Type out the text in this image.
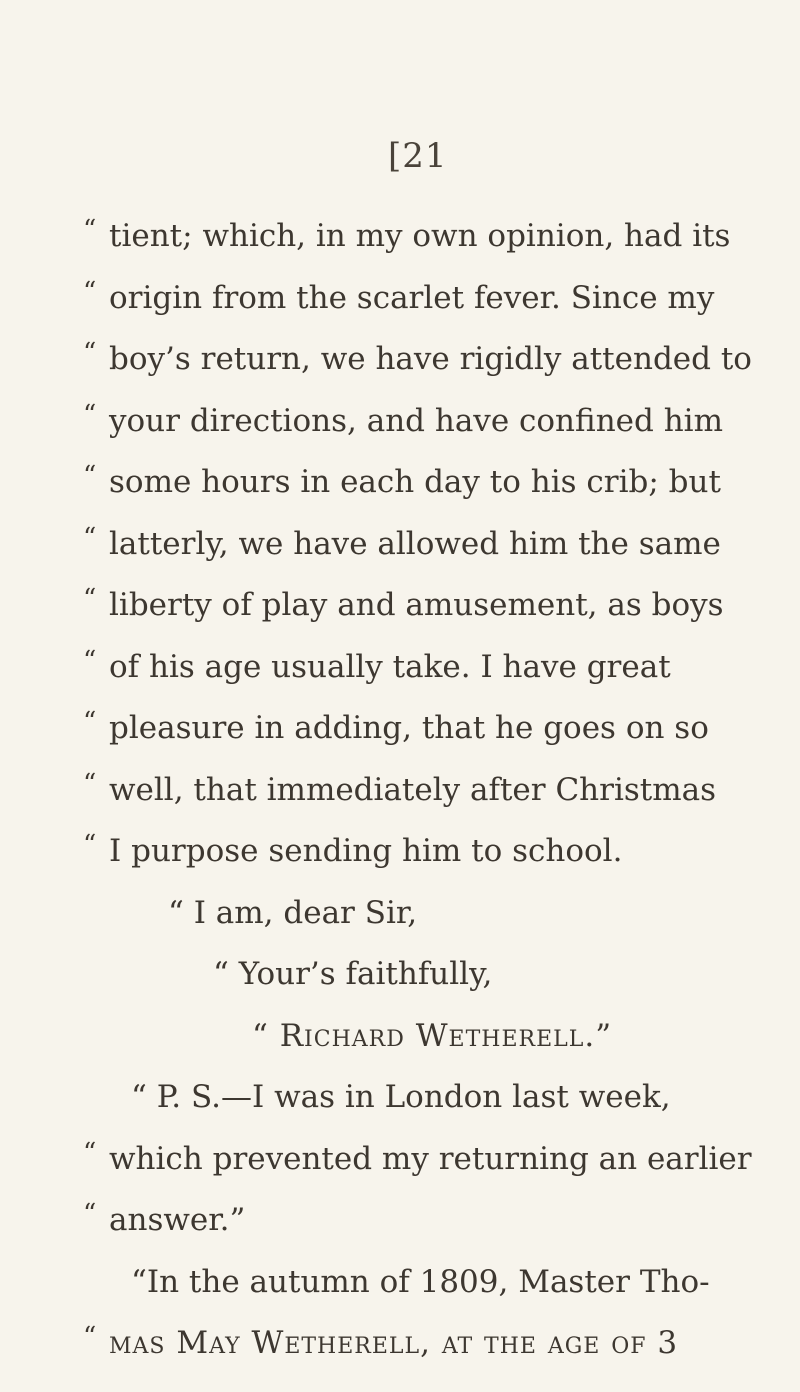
[21
“ tient; which, in my own opinion, had its
“ origin from the scarlet fever. Since my
“ boy’s return, we have rigidly attended to
“ your directions, and have confined him
“ some hours in each day to his crib; but
“ latterly, we have allowed him the same
“ liberty of play and amusement, as boys
“ of his age usually take. I have great
“ pleasure in adding, that he goes on so
“ well, that immediately after Christmas
“ I purpose sending him to school.
“ I am, dear Sir,
“ Your’s faithfully,
“ Richard Wetherell.”
“ P. S.—I was in London last week,
“ which prevented my returning an earlier
“ answer.”
“In the autumn of 1809, Master Tho-
“ mas May Wetherell, at the age of 3
